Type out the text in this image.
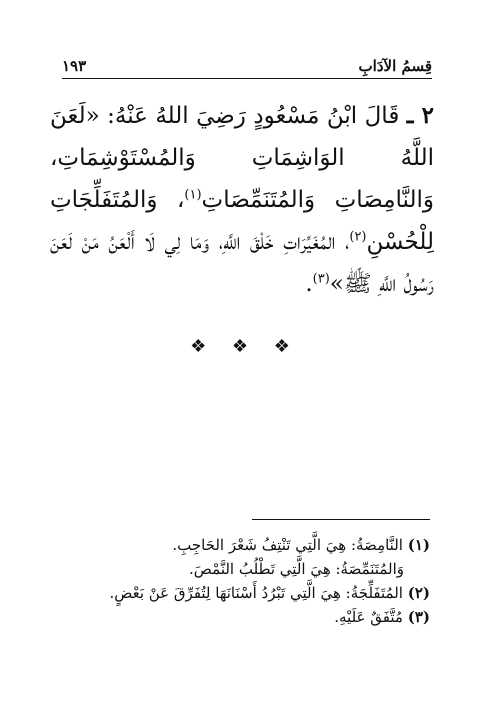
قِسمُ الآدَابِ
١٩٣

٢ ـ قَالَ ابْنُ مَسْعُودٍ رَضِيَ اللهُ عَنْهُ: «لَعَنَ اللَّهُ الوَاشِمَاتِ وَالمُسْتَوْشِمَاتِ، وَالنَّامِصَاتِ وَالمُتَنَمِّصَاتِ$^{(١)}$، وَالمُتَفَلِّجَاتِ لِلْحُسْنِ$^{(٢)}$، المُغَيِّرَاتِ خَلْقَ اللَّهِ، وَمَا لِي لَا أَلْعَنُ مَنْ لَعَنَ رَسُولُ اللَّهِ ﷺ»$^{(٣)}$.

❖ ❖ ❖
(١) النَّامِصَةُ: هِيَ الَّتِي تَنْتِفُ شَعْرَ الحَاجِبِ.
وَالمُتَنَمِّصَةُ: هِيَ الَّتِي تَطْلُبُ النَّمْصَ.
(٢) المُتَفَلِّجَةُ: هِيَ الَّتِي تَبْرُدُ أَسْنَانَهَا لِتُفَرِّقَ عَنْ بَعْضٍ.
(٣) مُتَّفَقٌ عَلَيْهِ.
